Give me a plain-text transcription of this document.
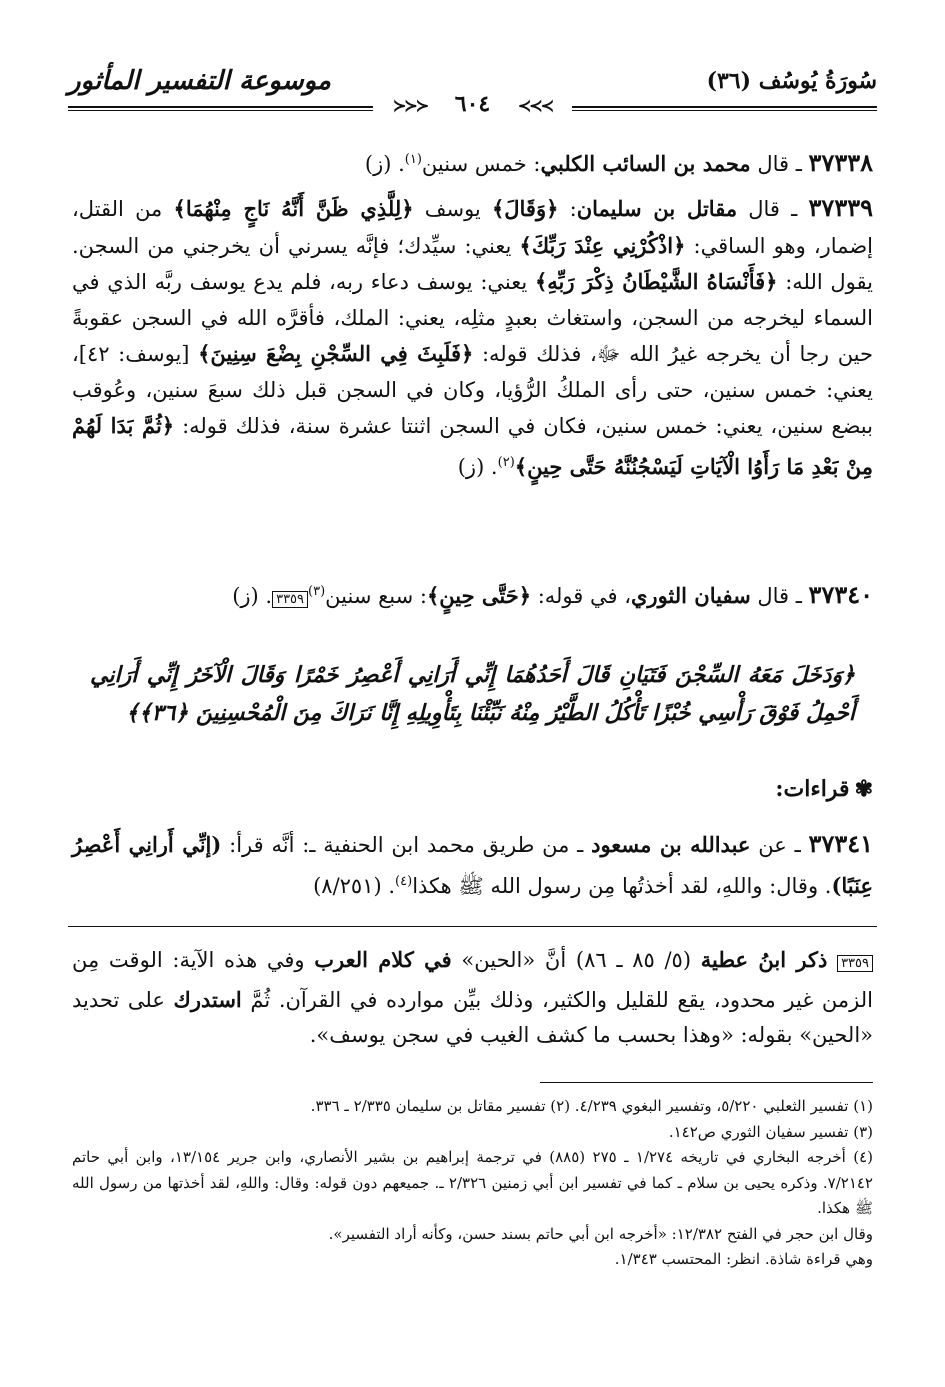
سُورَةُ يُوسُف (٣٦)
موسوعة التفسير المأثور
≻≻≻ ٦٠٤ ≺≺≺

٣٧٣٣٨ ـ قال محمد بن السائب الكلبي: خمس سنين$^{(١)}$. (ز)

٣٧٣٣٩ ـ قال مقاتل بن سليمان: ﴿وَقَالَ﴾ يوسف ﴿لِلَّذِي ظَنَّ أَنَّهُ نَاجٍ مِنْهُمَا﴾ من القتل، إضمار، وهو الساقي: ﴿اذْكُرْنِي عِنْدَ رَبِّكَ﴾ يعني: سيِّدك؛ فإنَّه يسرني أن يخرجني من السجن. يقول الله: ﴿فَأَنْسَاهُ الشَّيْطَانُ ذِكْرَ رَبِّهِ﴾ يعني: يوسف دعاء ربه، فلم يدع يوسف ربَّه الذي في السماء ليخرجه من السجن، واستغاث بعبدٍ مثلِه، يعني: الملك، فأقرَّه الله في السجن عقوبةً حين رجا أن يخرجه غيرُ الله ﷻ، فذلك قوله: ﴿فَلَبِثَ فِي السِّجْنِ بِضْعَ سِنِينَ﴾ [يوسف: ٤٢]، يعني: خمس سنين، حتى رأى الملكُ الرُّؤيا، وكان في السجن قبل ذلك سبعَ سنين، وعُوقب ببضع سنين، يعني: خمس سنين، فكان في السجن اثنتا عشرة سنة، فذلك قوله: ﴿ثُمَّ بَدَا لَهُمْ مِنْ بَعْدِ مَا رَأَوُا الْآيَاتِ لَيَسْجُنُنَّهُ حَتَّى حِينٍ﴾$^{(٢)}$. (ز)

٣٧٣٤٠ ـ قال سفيان الثوري، في قوله: ﴿حَتَّى حِينٍ﴾: سبع سنين$^{(٣)}$٣٣٥٩. (ز)

﴿وَدَخَلَ مَعَهُ السِّجْنَ فَتَيَانِ قَالَ أَحَدُهُمَا إِنِّي أَرَانِي أَعْصِرُ خَمْرًا وَقَالَ الْآخَرُ إِنِّي أَرَانِي أَحْمِلُ فَوْقَ رَأْسِي خُبْزًا تَأْكُلُ الطَّيْرُ مِنْهُ نَبِّئْنَا بِتَأْوِيلِهِ إِنَّا نَرَاكَ مِنَ الْمُحْسِنِينَ ﴿٣٦﴾﴾

✾ قراءات:

٣٧٣٤١ ـ عن عبدالله بن مسعود ـ من طريق محمد ابن الحنفية ـ: أنَّه قرأ: (إنِّي أَرانِي أَعْصِرُ عِنَبًا). وقال: واللهِ، لقد أخذتُها مِن رسول الله ﷺ هكذا$^{(٤)}$. (٨/٢٥١)

٣٣٥٩ ذكر ابنُ عطية (٥/ ٨٥ ـ ٨٦) أنَّ «الحين» في كلام العرب وفي هذه الآية: الوقت مِن الزمن غير محدود، يقع للقليل والكثير، وذلك بيِّن موارده في القرآن. ثُمَّ استدرك على تحديد «الحين» بقوله: «وهذا بحسب ما كشف الغيب في سجن يوسف».

(١) تفسير الثعلبي ٥/٢٢٠، وتفسير البغوي ٤/٢٣٩. (٢) تفسير مقاتل بن سليمان ٢/٣٣٥ ـ ٣٣٦.
(٣) تفسير سفيان الثوري ص١٤٢.
(٤) أخرجه البخاري في تاريخه ١/٢٧٤ ـ ٢٧٥ (٨٨٥) في ترجمة إبراهيم بن بشير الأنصاري، وابن جرير ١٣/١٥٤، وابن أبي حاتم ٧/٢١٤٢. وذكره يحيى بن سلام ـ كما في تفسير ابن أبي زمنين ٢/٣٢٦ ـ. جميعهم دون قوله: وقال: واللهِ، لقد أخذتها من رسول الله ﷺ هكذا.
وقال ابن حجر في الفتح ١٢/٣٨٢: «أخرجه ابن أبي حاتم بسند حسن، وكأنه أراد التفسير».
وهي قراءة شاذة. انظر: المحتسب ١/٣٤٣.
